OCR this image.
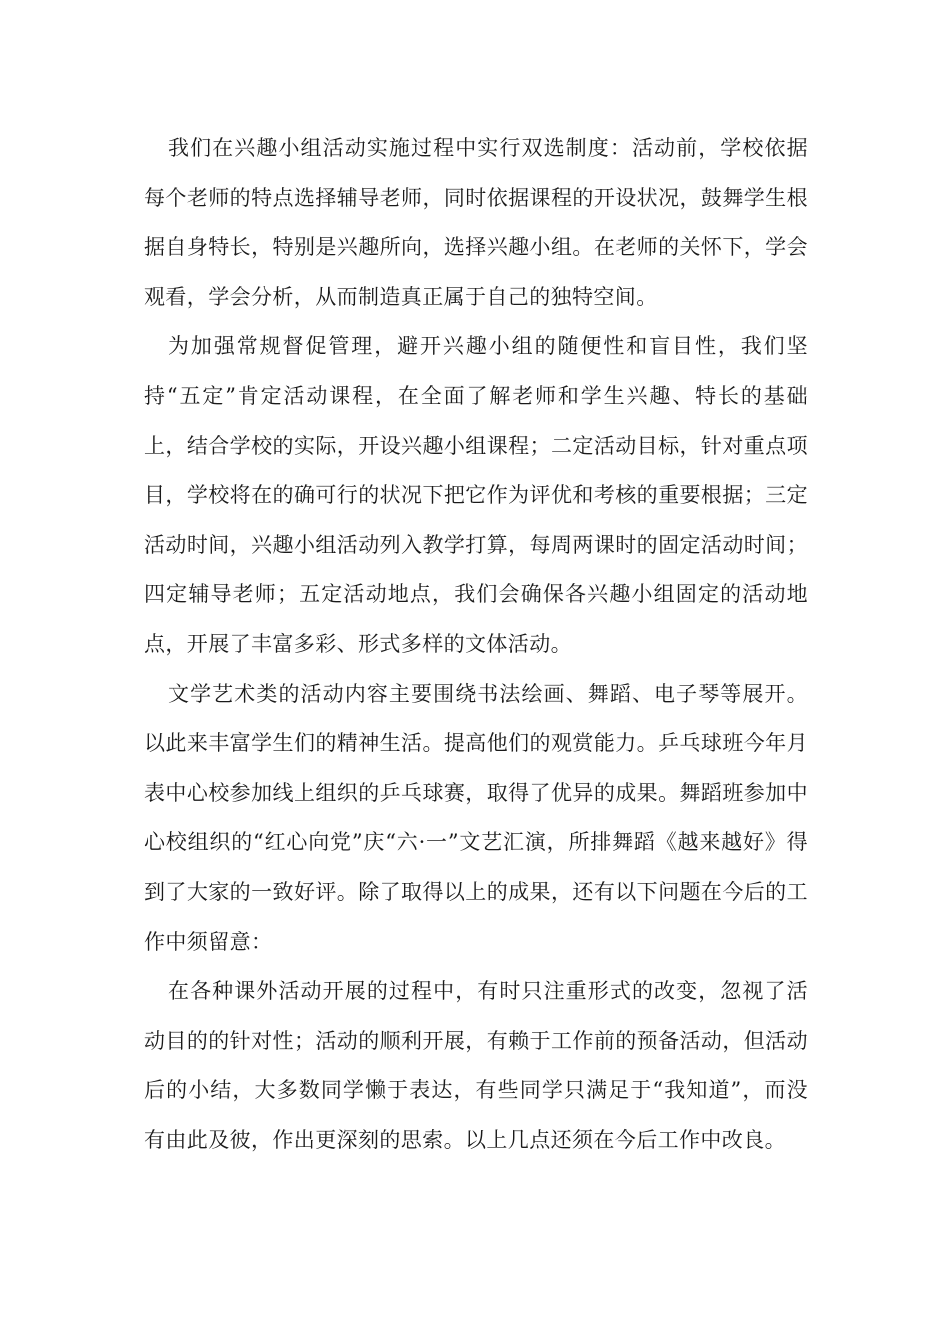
我们在兴趣小组活动实施过程中实行双选制度：活动前，学校依据每个老师的特点选择辅导老师，同时依据课程的开设状况，鼓舞学生根据自身特长，特别是兴趣所向，选择兴趣小组。在老师的关怀下，学会观看，学会分析，从而制造真正属于自己的独特空间。

为加强常规督促管理，避开兴趣小组的随便性和盲目性，我们坚持“五定”肯定活动课程，在全面了解老师和学生兴趣、特长的基础上，结合学校的实际，开设兴趣小组课程；二定活动目标，针对重点项目，学校将在的确可行的状况下把它作为评优和考核的重要根据；三定活动时间，兴趣小组活动列入教学打算，每周两课时的固定活动时间；四定辅导老师；五定活动地点，我们会确保各兴趣小组固定的活动地点，开展了丰富多彩、形式多样的文体活动。

文学艺术类的活动内容主要围绕书法绘画、舞蹈、电子琴等展开。以此来丰富学生们的精神生活。提高他们的观赏能力。乒乓球班今年月表中心校参加线上组织的乒乓球赛，取得了优异的成果。舞蹈班参加中心校组织的“红心向党”庆“六·一”文艺汇演，所排舞蹈《越来越好》得到了大家的一致好评。除了取得以上的成果，还有以下问题在今后的工作中须留意：

在各种课外活动开展的过程中，有时只注重形式的改变，忽视了活动目的的针对性；活动的顺利开展，有赖于工作前的预备活动，但活动后的小结，大多数同学懒于表达，有些同学只满足于“我知道”，而没有由此及彼，作出更深刻的思索。以上几点还须在今后工作中改良。
